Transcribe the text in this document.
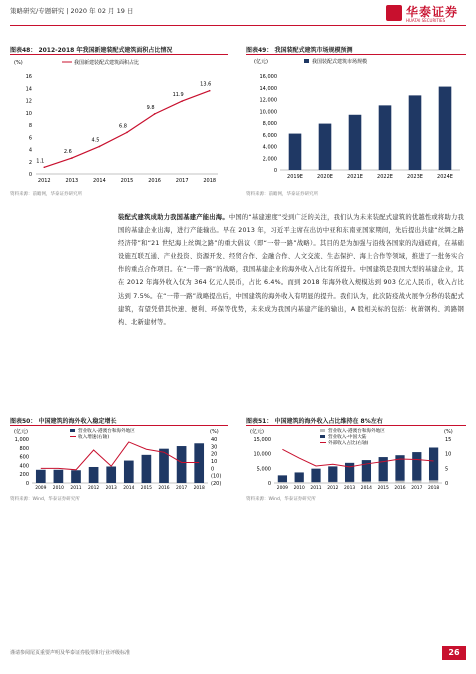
策略研究/专题研究 | 2020 年 02 月 19 日	华泰证券
HUATAI SECURITIES
图表48： 2012-2018 年我国新建装配式建筑面积占比情况
(%)	我国新建装配式建筑面积占比
0
2
4
6
8
10
12
14
16
2012	2013	2014	2015	2016	2017	2018
1.1
2.6
4.5
6.8
9.8
11.9
13.6
资料来源：前瞻网，华泰证券研究所
图表49： 我国装配式建筑市场规模预测
(亿元)	我国装配式建筑市场规模
0
2,000
4,000
6,000
8,000
10,000
12,000
14,000
16,000
2019E	2020E	2021E	2022E	2023E	2024E
资料来源：前瞻网，华泰证券研究所
装配式建筑成助力我国基建产能出海。中国的“基建速度”受到广泛的关注，我们认为未来装配式建筑的优越性或将助力我国的基建企业出海，进行产能输出。早在 2013 年，习近平主席在出访中亚和东南亚国家期间，先后提出共建“丝绸之路经济带”和“21 世纪海上丝绸之路”的重大倡议（即“一带一路”战略）。其目的是为加强与沿线各国家的沟通磋商，在基础设施互联互通、产业投资、资源开发、经贸合作、金融合作、人文交流、生态保护、海上合作等领域，推进了一批务实合作的重点合作项目。在“一带一路”的战略，我国基建企业的海外收入占比有所提升。中国建筑是我国大型的基建企业，其在 2012 年海外收入仅为 364 亿元人民币，占比 6.4%。而到 2018 年海外收入规模达到 903 亿元人民币，收入占比达到 7.5%。在“一带一路”战略提出后，中国建筑的海外收入有明显的提升。我们认为，此次防疫战火展争分秒的装配式建筑，有望凭借其快速、便利、环保等优势，未来成为我国内基建产能的输出，A 股相关标的包括：杭萧钢构、鸿路钢构、北新建材等。
图表50： 中国建筑的海外收入稳定增长
(亿元)	(%)
营业收入-港澳台和海外地区
收入增速(右轴)
0
200
400
600
800
1,000
(20)
(10)
0
10
20
30
40
2009 2010 2011 2012 2013 2014 2015 2016 2017 2018
资料来源：Wind，华泰证券研究所
图表51： 中国建筑的海外收入占比维持在 8%左右
(亿元)	(%)
营业收入-港澳台和海外地区
营业收入-中国大陆
外部收入占比(右轴)
0
5,000
10,000
15,000
0
5
10
15
2009 2010 2011 2012 2013 2014 2015 2016 2017 2018
资料来源：Wind，华泰证券研究所
谨请参阅尾页重要声明及华泰证券股票和行业评级标准	26
